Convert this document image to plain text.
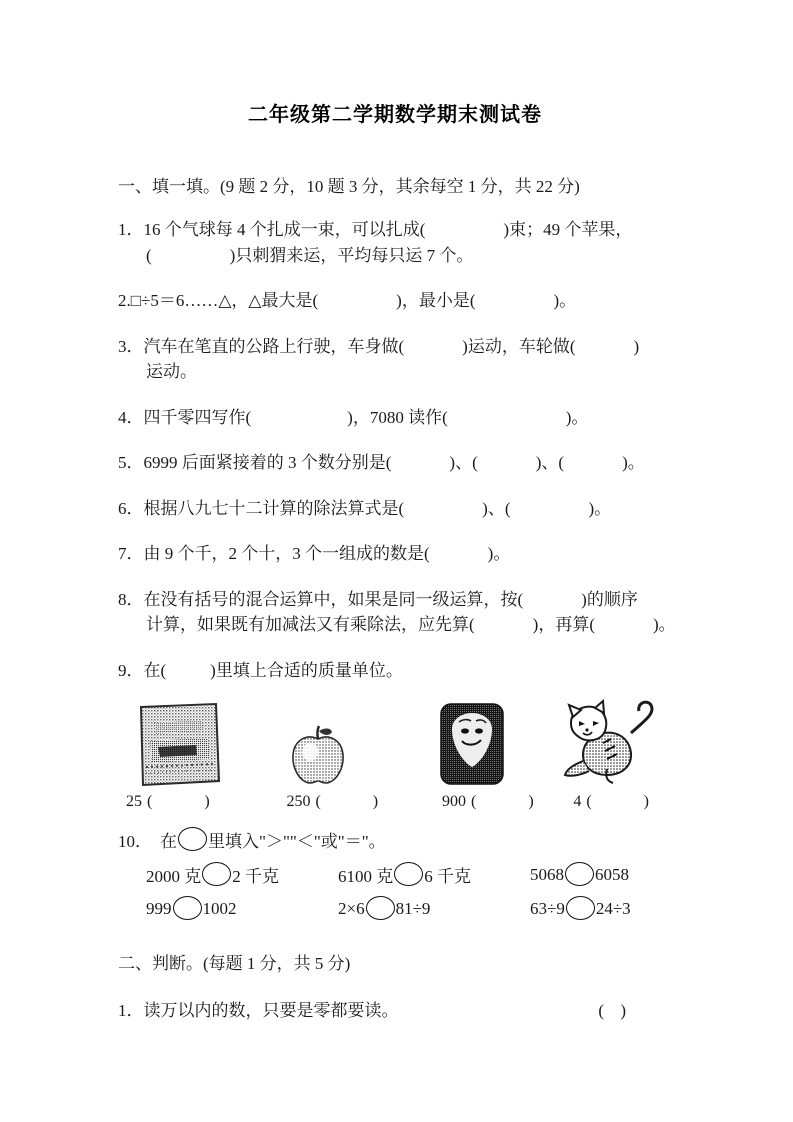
二年级第二学期数学期末测试卷
一、填一填。(9 题 2 分，10 题 3 分，其余每空 1 分，共 22 分)
1．16 个气球每 4 个扎成一束，可以扎成(	)束；49 个苹果，
(	)只刺猬来运，平均每只运 7 个。
2.□÷5＝6……△，△最大是(	)，最小是(	)。
3．汽车在笔直的公路上行驶，车身做(	)运动，车轮做(	)
运动。
4．四千零四写作(	)，7080 读作(	)。
5．6999 后面紧接着的 3 个数分别是(	)、(	)、(	)。
6．根据八九七十二计算的除法算式是(	)、(	)。
7．由 9 个千，2 个十，3 个一组成的数是(	)。
8．在没有括号的混合运算中，如果是同一级运算，按(	)的顺序
计算，如果既有加减法又有乘除法，应先算(	)，再算(	)。
9．在(	)里填上合适的质量单位。
25 (	)	250 (	)	900 (	) 4 (	)
10． 在 里填入"＞""＜"或"＝"。
2000 克 2 千克	6100 克 6 千克	5068 6058
999 1002	2×6 81÷9	63÷9 24÷3
二、判断。(每题 1 分，共 5 分)
1．读万以内的数，只要是零都要读。	( )
